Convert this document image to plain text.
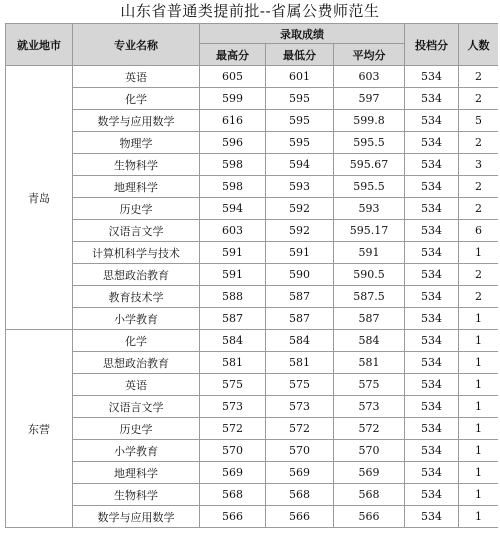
山东省普通类提前批--省属公费师范生
就业地市	专业名称	录取成绩			投档分	人数
		最高分	最低分	平均分		
青岛	英语	605	601	603	534	2
	化学	599	595	597	534	2
	数学与应用数学	616	595	599.8	534	5
	物理学	596	595	595.5	534	2
	生物科学	598	594	595.67	534	3
	地理科学	598	593	595.5	534	2
	历史学	594	592	593	534	2
	汉语言文学	603	592	595.17	534	6
	计算机科学与技术	591	591	591	534	1
	思想政治教育	591	590	590.5	534	2
	教育技术学	588	587	587.5	534	2
	小学教育	587	587	587	534	1
东营	化学	584	584	584	534	1
	思想政治教育	581	581	581	534	1
	英语	575	575	575	534	1
	汉语言文学	573	573	573	534	1
	历史学	572	572	572	534	1
	小学教育	570	570	570	534	1
	地理科学	569	569	569	534	1
	生物科学	568	568	568	534	1
	数学与应用数学	566	566	566	534	1
